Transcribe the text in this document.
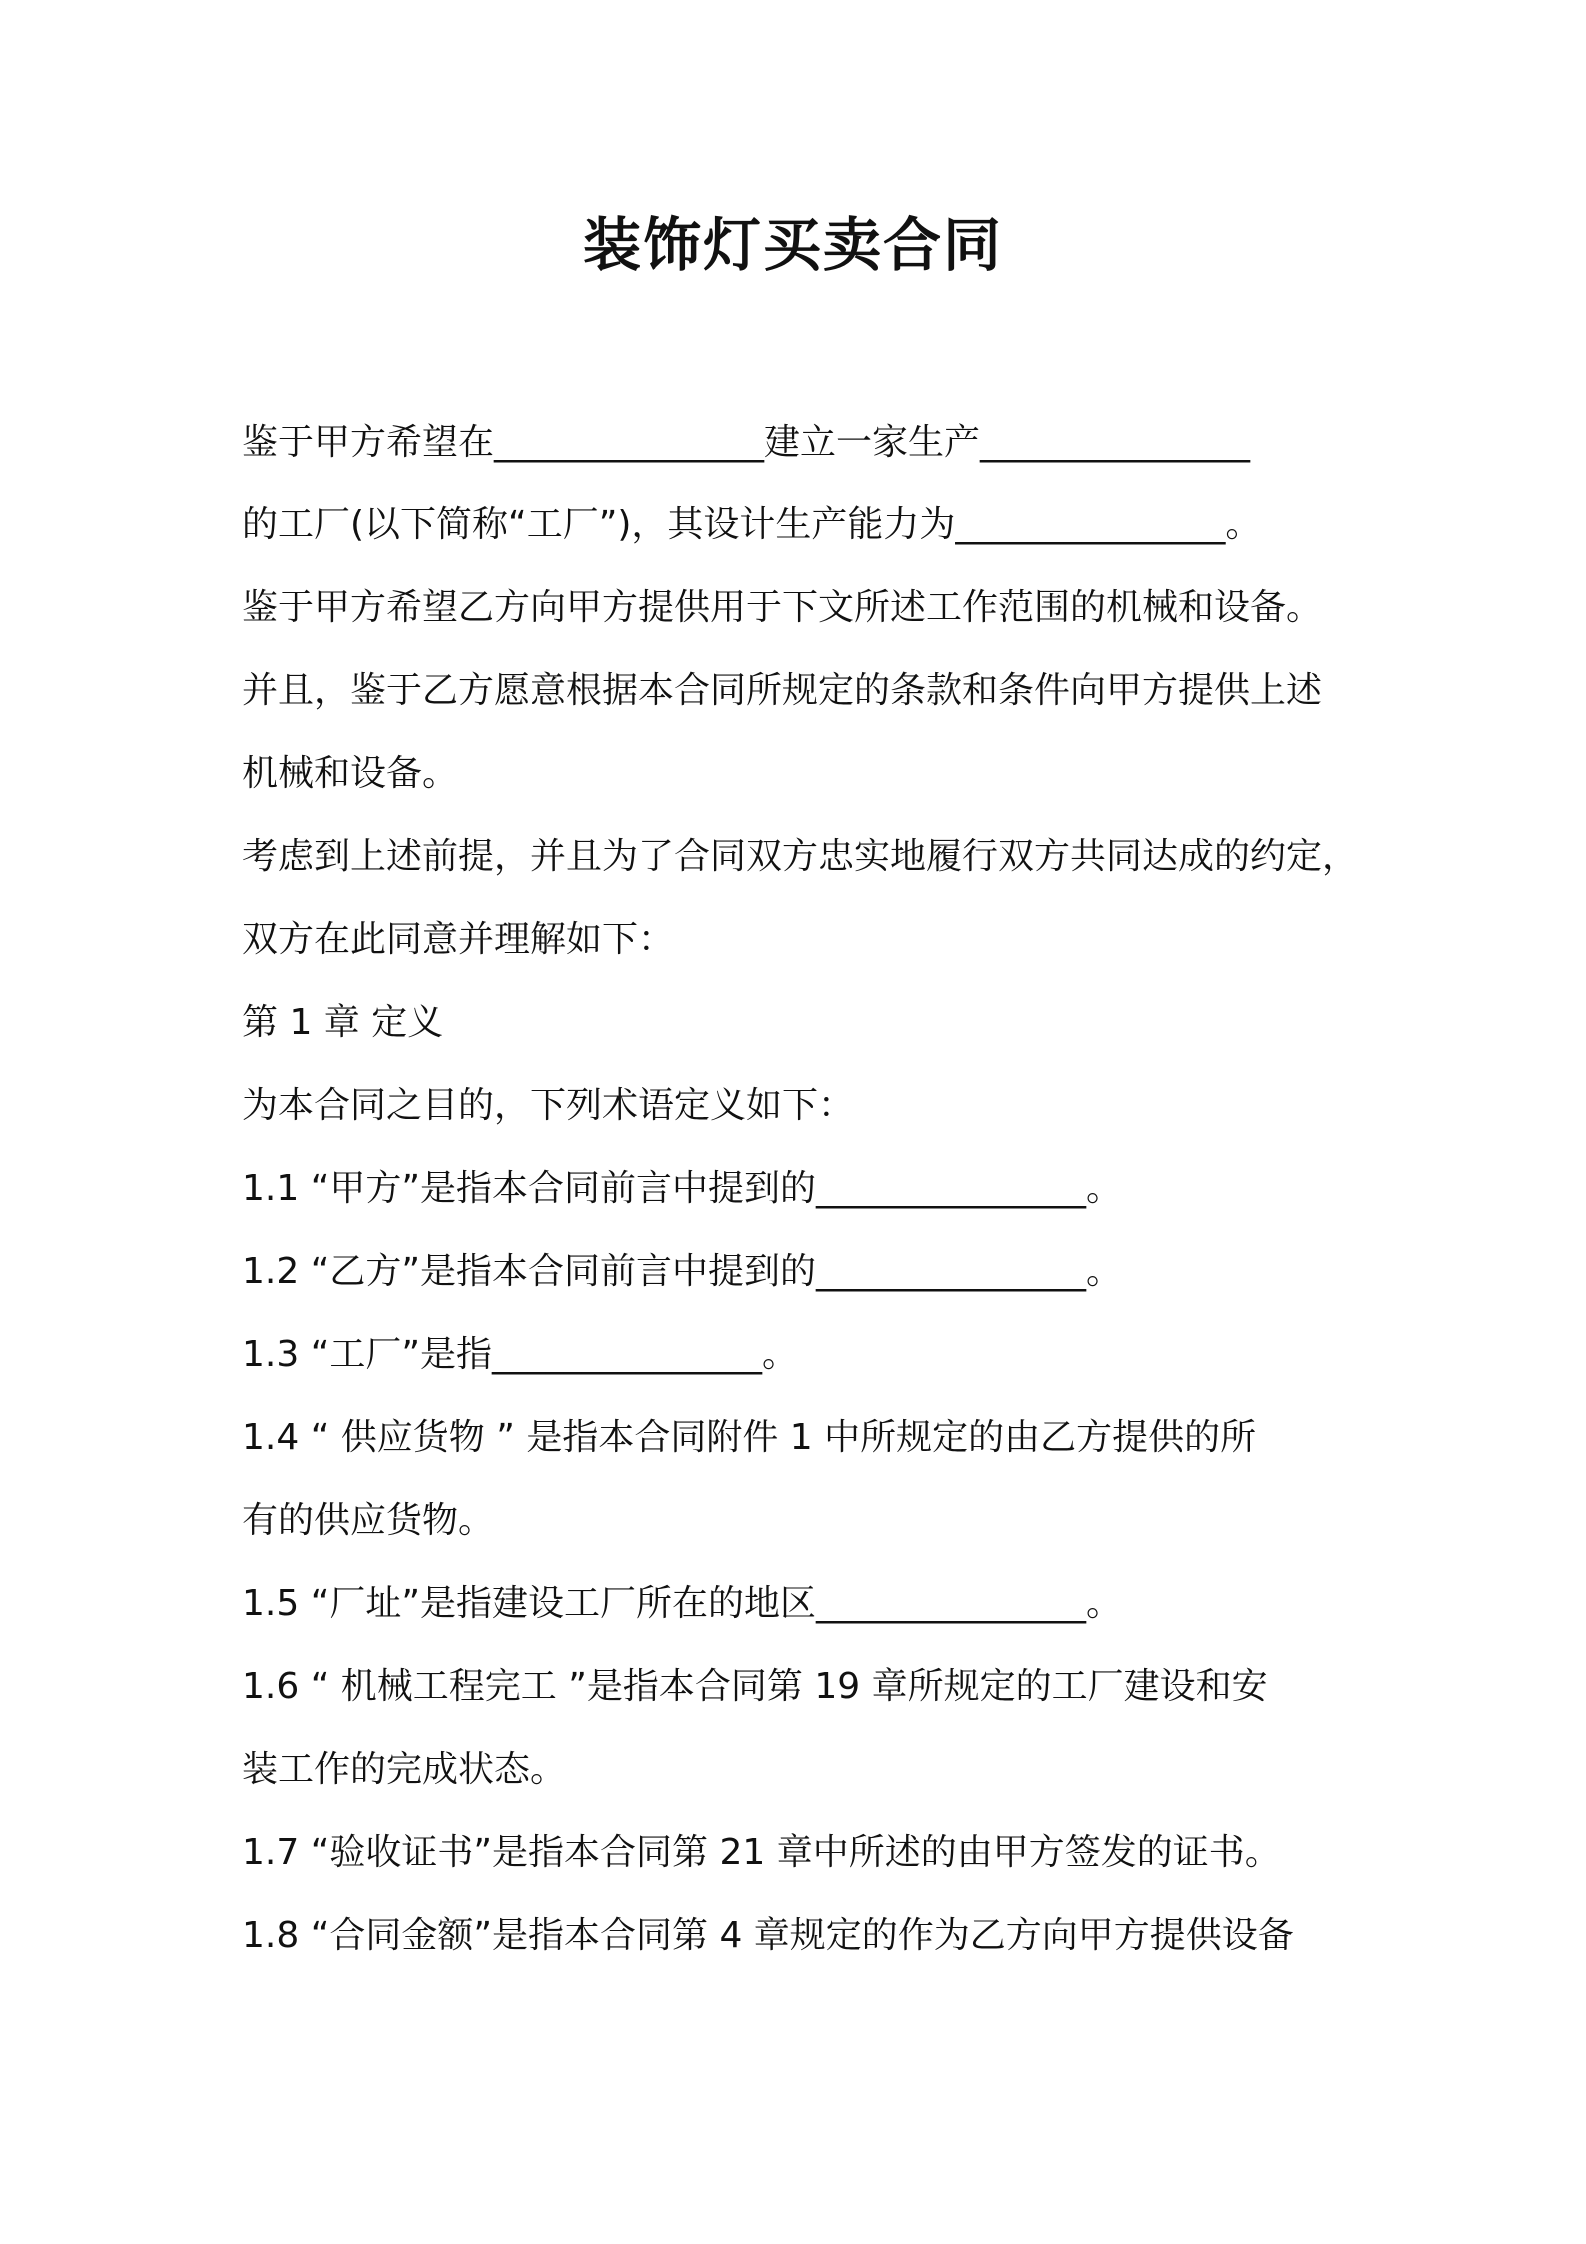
装饰灯买卖合同
鉴于甲方希望在_______________建立一家生产_______________
的工厂(以下简称“工厂”)，其设计生产能力为_______________。
鉴于甲方希望乙方向甲方提供用于下文所述工作范围的机械和设备。
并且，鉴于乙方愿意根据本合同所规定的条款和条件向甲方提供上述
机械和设备。
考虑到上述前提，并且为了合同双方忠实地履行双方共同达成的约定，
双方在此同意并理解如下：
第 1 章 定义
为本合同之目的，下列术语定义如下：
1.1 “甲方”是指本合同前言中提到的_______________。
1.2 “乙方”是指本合同前言中提到的_______________。
1.3 “工厂”是指_______________。
1.4 “ 供应货物 ” 是指本合同附件 1 中所规定的由乙方提供的所
有的供应货物。
1.5 “厂址”是指建设工厂所在的地区_______________。
1.6 “ 机械工程完工 ”是指本合同第 19 章所规定的工厂建设和安
装工作的完成状态。
1.7 “验收证书”是指本合同第 21 章中所述的由甲方签发的证书。
1.8 “合同金额”是指本合同第 4 章规定的作为乙方向甲方提供设备
